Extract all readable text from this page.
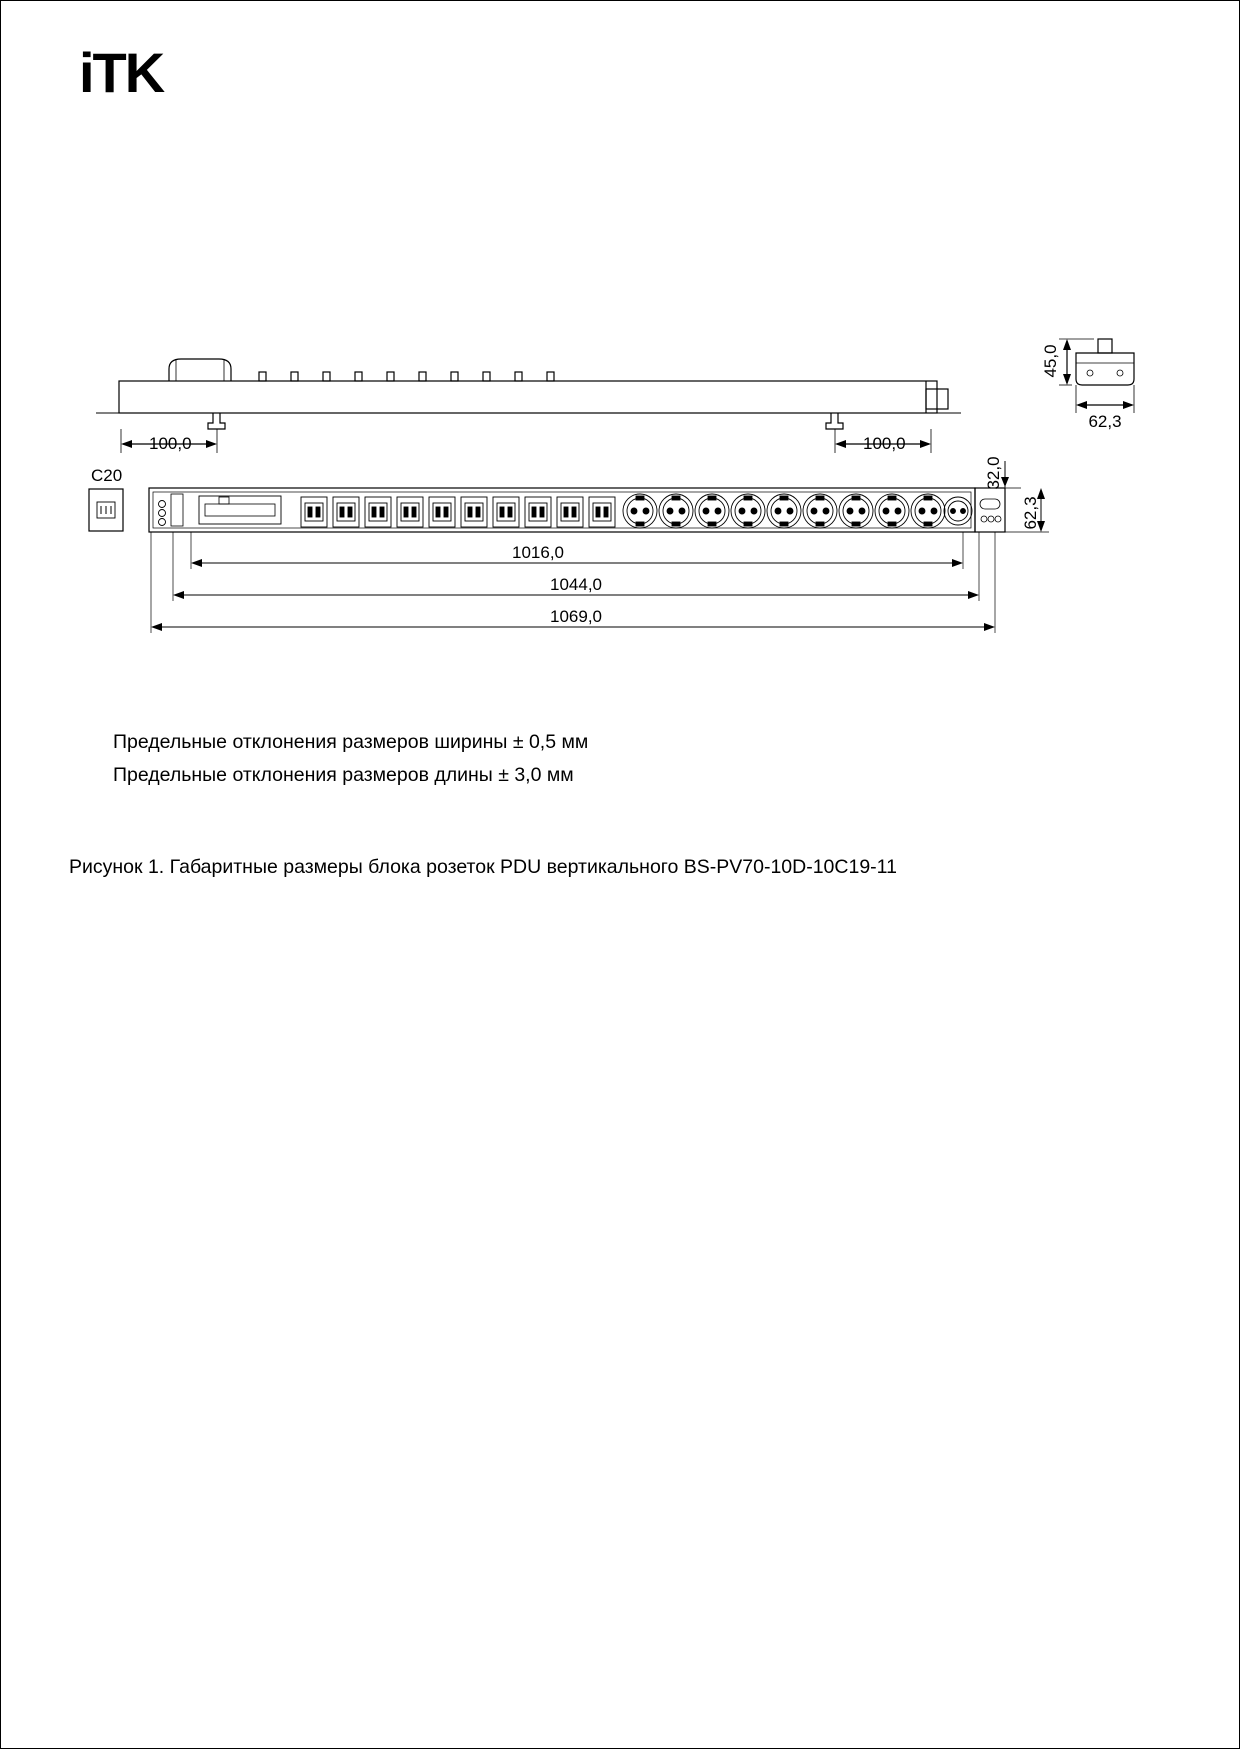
iTK
100,0	100,0
C20
1016,0
1044,0
1069,0
45,0
62,3
32,0
62,3
Предельные отклонения размеров ширины ± 0,5 мм
Предельные отклонения размеров длины ± 3,0 мм
Рисунок 1. Габаритные размеры блока розеток PDU вертикального BS-PV70-10D-10C19-11
